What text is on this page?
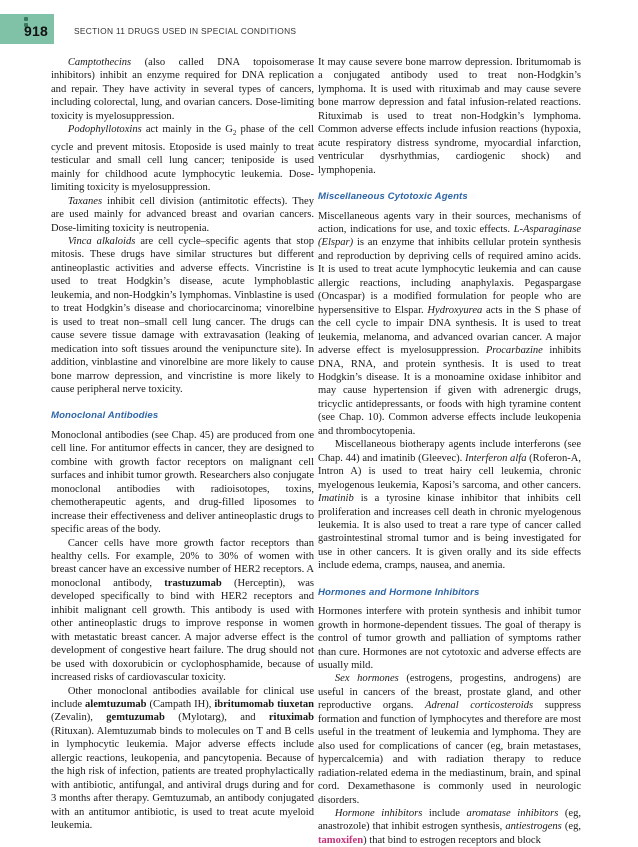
918	SECTION 11 DRUGS USED IN SPECIAL CONDITIONS

Camptothecins (also called DNA topoisomerase inhibitors) inhibit an enzyme required for DNA replication and repair. They have activity in several types of cancers, including colorectal, lung, and ovarian cancers. Dose-limiting toxicity is myelosuppression.

Podophyllotoxins act mainly in the $G_2$ phase of the cell cycle and prevent mitosis. Etoposide is used mainly to treat testicular and small cell lung cancer; teniposide is used mainly for childhood acute lymphocytic leukemia. Dose-limiting toxicity is myelosuppression.

Taxanes inhibit cell division (antimitotic effects). They are used mainly for advanced breast and ovarian cancers. Dose-limiting toxicity is neutropenia.

Vinca alkaloids are cell cycle–specific agents that stop mitosis. These drugs have similar structures but different antineoplastic activities and adverse effects. Vincristine is used to treat Hodgkin’s disease, acute lymphoblastic leukemia, and non-Hodgkin’s lymphomas. Vinblastine is used to treat Hodgkin’s disease and choriocarcinoma; vinorelbine is used to treat non–small cell lung cancer. The drugs can cause severe tissue damage with extravasation (leaking of medication into soft tissues around the venipuncture site). In addition, vinblastine and vinorelbine are more likely to cause bone marrow depression, and vincristine is more likely to cause peripheral nerve toxicity.

Monoclonal Antibodies

Monoclonal antibodies (see Chap. 45) are produced from one cell line. For antitumor effects in cancer, they are designed to combine with growth factor receptors on malignant cell surfaces and inhibit tumor growth. Researchers also conjugate monoclonal antibodies with radioisotopes, toxins, chemotherapeutic agents, and drug-filled liposomes to increase their effectiveness and deliver antineoplastic drugs to specific areas of the body.

Cancer cells have more growth factor receptors than healthy cells. For example, 20% to 30% of women with breast cancer have an excessive number of HER2 receptors. A monoclonal antibody, trastuzumab (Herceptin), was developed specifically to bind with HER2 receptors and inhibit malignant cell growth. This antibody is used with other antineoplastic drugs to improve response in women with metastatic breast cancer. A major adverse effect is the development of congestive heart failure. The drug should not be used with doxorubicin or cyclophosphamide, because of increased risks of cardiovascular toxicity.

Other monoclonal antibodies available for clinical use include alemtuzumab (Campath IH), ibritumomab tiuxetan (Zevalin), gemtuzumab (Mylotarg), and rituximab (Rituxan). Alemtuzumab binds to molecules on T and B cells in lymphocytic leukemia. Major adverse effects include allergic reactions, leukopenia, and pancytopenia. Because of the high risk of infection, patients are treated prophylactically with antibiotic, antifungal, and antiviral drugs during and for 3 months after therapy. Gemtuzumab, an antibody conjugated with an antitumor antibiotic, is used to treat acute myeloid leukemia.

It may cause severe bone marrow depression. Ibritumomab is a conjugated antibody used to treat non-Hodgkin’s lymphoma. It is used with rituximab and may cause severe bone marrow depression and fatal infusion-related reactions. Rituximab is used to treat non-Hodgkin’s lymphoma. Common adverse effects include infusion reactions (hypoxia, acute respiratory distress syndrome, myocardial infarction, ventricular dysrhythmias, cardiogenic shock) and lymphopenia.

Miscellaneous Cytotoxic Agents

Miscellaneous agents vary in their sources, mechanisms of action, indications for use, and toxic effects. L-Asparaginase (Elspar) is an enzyme that inhibits cellular protein synthesis and reproduction by depriving cells of required amino acids. It is used to treat acute lymphocytic leukemia and can cause allergic reactions, including anaphylaxis. Pegaspargase (Oncaspar) is a modified formulation for people who are hypersensitive to Elspar. Hydroxyurea acts in the S phase of the cell cycle to impair DNA synthesis. It is used to treat leukemia, melanoma, and advanced ovarian cancer. A major adverse effect is myelosuppression. Procarbazine inhibits DNA, RNA, and protein synthesis. It is used to treat Hodgkin’s disease. It is a monoamine oxidase inhibitor and may cause hypertension if given with adrenergic drugs, tricyclic antidepressants, or foods with high tyramine content (see Chap. 10). Common adverse effects include leukopenia and thrombocytopenia.

Miscellaneous biotherapy agents include interferons (see Chap. 44) and imatinib (Gleevec). Interferon alfa (Roferon-A, Intron A) is used to treat hairy cell leukemia, chronic myelogenous leukemia, Kaposi’s sarcoma, and other cancers. Imatinib is a tyrosine kinase inhibitor that inhibits cell proliferation and increases cell death in chronic myelogenous leukemia. It is also used to treat a rare type of cancer called gastrointestinal stromal tumor and is being investigated for use in other cancers. It is given orally and its side effects include edema, cramps, nausea, and anemia.

Hormones and Hormone Inhibitors

Hormones interfere with protein synthesis and inhibit tumor growth in hormone-dependent tissues. The goal of therapy is control of tumor growth and palliation of symptoms rather than cure. Hormones are not cytotoxic and adverse effects are usually mild.

Sex hormones (estrogens, progestins, androgens) are useful in cancers of the breast, prostate gland, and other reproductive organs. Adrenal corticosteroids suppress formation and function of lymphocytes and therefore are most useful in the treatment of leukemia and lymphoma. They are also used for complications of cancer (eg, brain metastases, hypercalcemia) and with radiation therapy to reduce radiation-related edema in the mediastinum, brain, and spinal cord. Dexamethasone is commonly used in neurologic disorders.

Hormone inhibitors include aromatase inhibitors (eg, anastrozole) that inhibit estrogen synthesis, antiestrogens (eg, tamoxifen) that bind to estrogen receptors and block
